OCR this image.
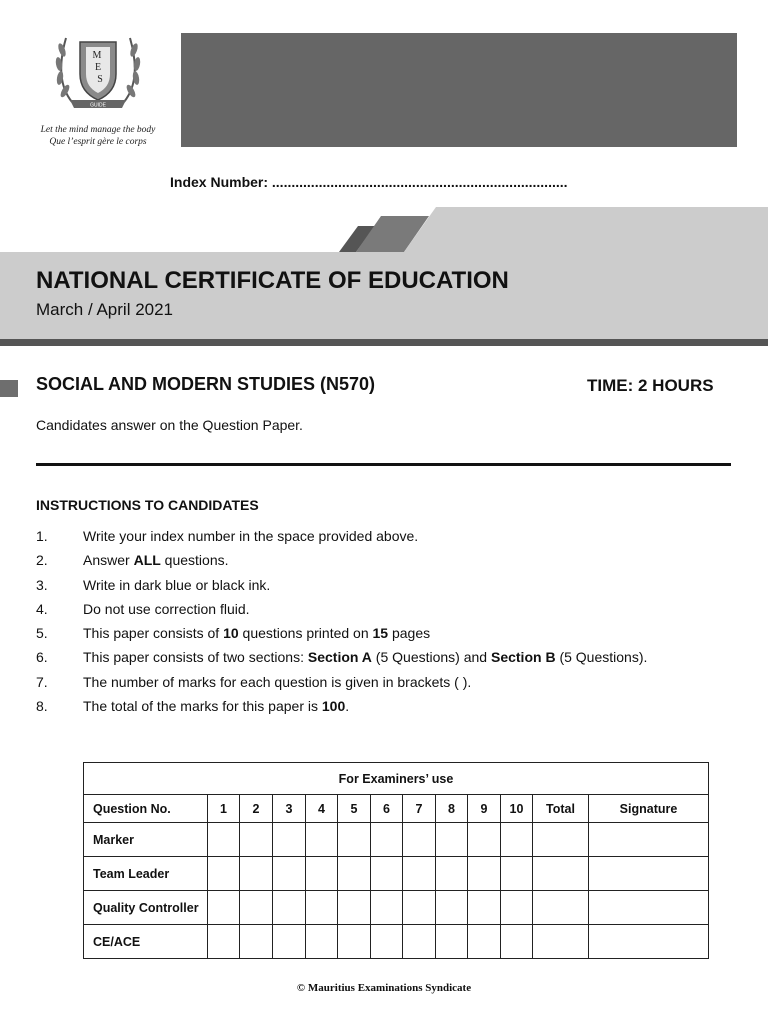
M
E
S
GUIDE
Let the mind manage the body
Que l’esprit gère le corps
Index Number: ............................................................................
NATIONAL CERTIFICATE OF EDUCATION
March / April 2021
SOCIAL AND MODERN STUDIES (N570)	TIME: 2 HOURS
Candidates answer on the Question Paper.
INSTRUCTIONS TO CANDIDATES
1.	Write your index number in the space provided above.
2.	Answer ALL questions.
3.	Write in dark blue or black ink.
4.	Do not use correction fluid.
5.	This paper consists of 10 questions printed on 15 pages
6.	This paper consists of two sections: Section A (5 Questions) and Section B (5 Questions).
7.	The number of marks for each question is given in brackets ( ).
8.	The total of the marks for this paper is 100.
For Examiners’ use												
Question No.	1	2	3	4	5	6	7	8	9	10	Total	Signature
Marker												
Team Leader												
Quality Controller												
CE/ACE												
© Mauritius Examinations Syndicate
